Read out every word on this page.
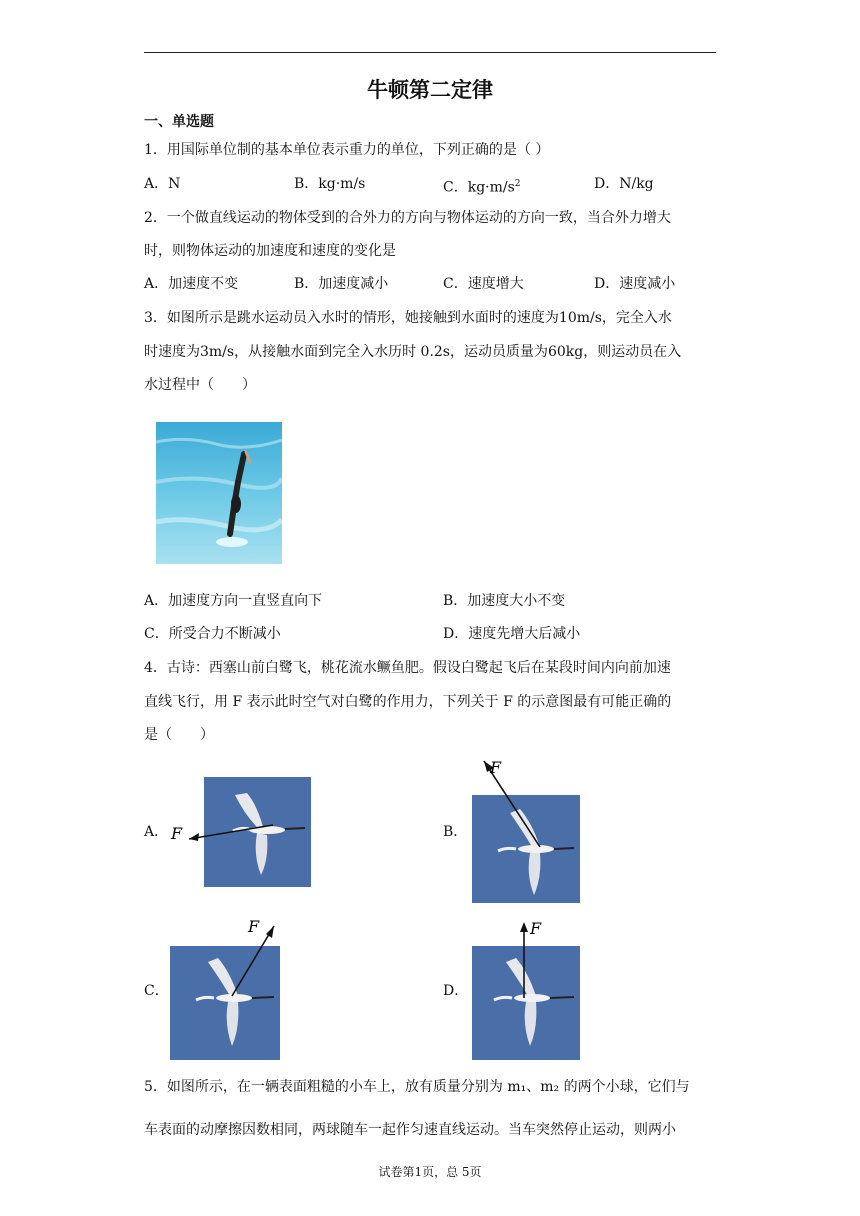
牛顿第二定律
一、单选题
1．用国际单位制的基本单位表示重力的单位，下列正确的是（ ）
A．N	B．kg·m/s	C．$kg\cdot m/s^2$	D．N/kg
2．一个做直线运动的物体受到的合外力的方向与物体运动的方向一致，当合外力增大
时，则物体运动的加速度和速度的变化是
A．加速度不变	B．加速度减小	C．速度增大	D．速度减小
3．如图所示是跳水运动员入水时的情形，她接触到水面时的速度为10m/s，完全入水
时速度为3m/s，从接触水面到完全入水历时 0.2s，运动员质量为60kg，则运动员在入
水过程中（　　）
A．加速度方向一直竖直向下	B．加速度大小不变
C．所受合力不断减小	D．速度先增大后减小
4．古诗：西塞山前白鹭飞，桃花流水鳜鱼肥。假设白鹭起飞后在某段时间内向前加速
直线飞行，用 F 表示此时空气对白鹭的作用力，下列关于 F 的示意图最有可能正确的
是（　　）
A． F	B．
F
C．
F
D．
F
5．如图所示，在一辆表面粗糙的小车上，放有质量分别为 m₁、m₂ 的两个小球，它们与
车表面的动摩擦因数相同，两球随车一起作匀速直线运动。当车突然停止运动，则两小
试卷第1页，总 5页
